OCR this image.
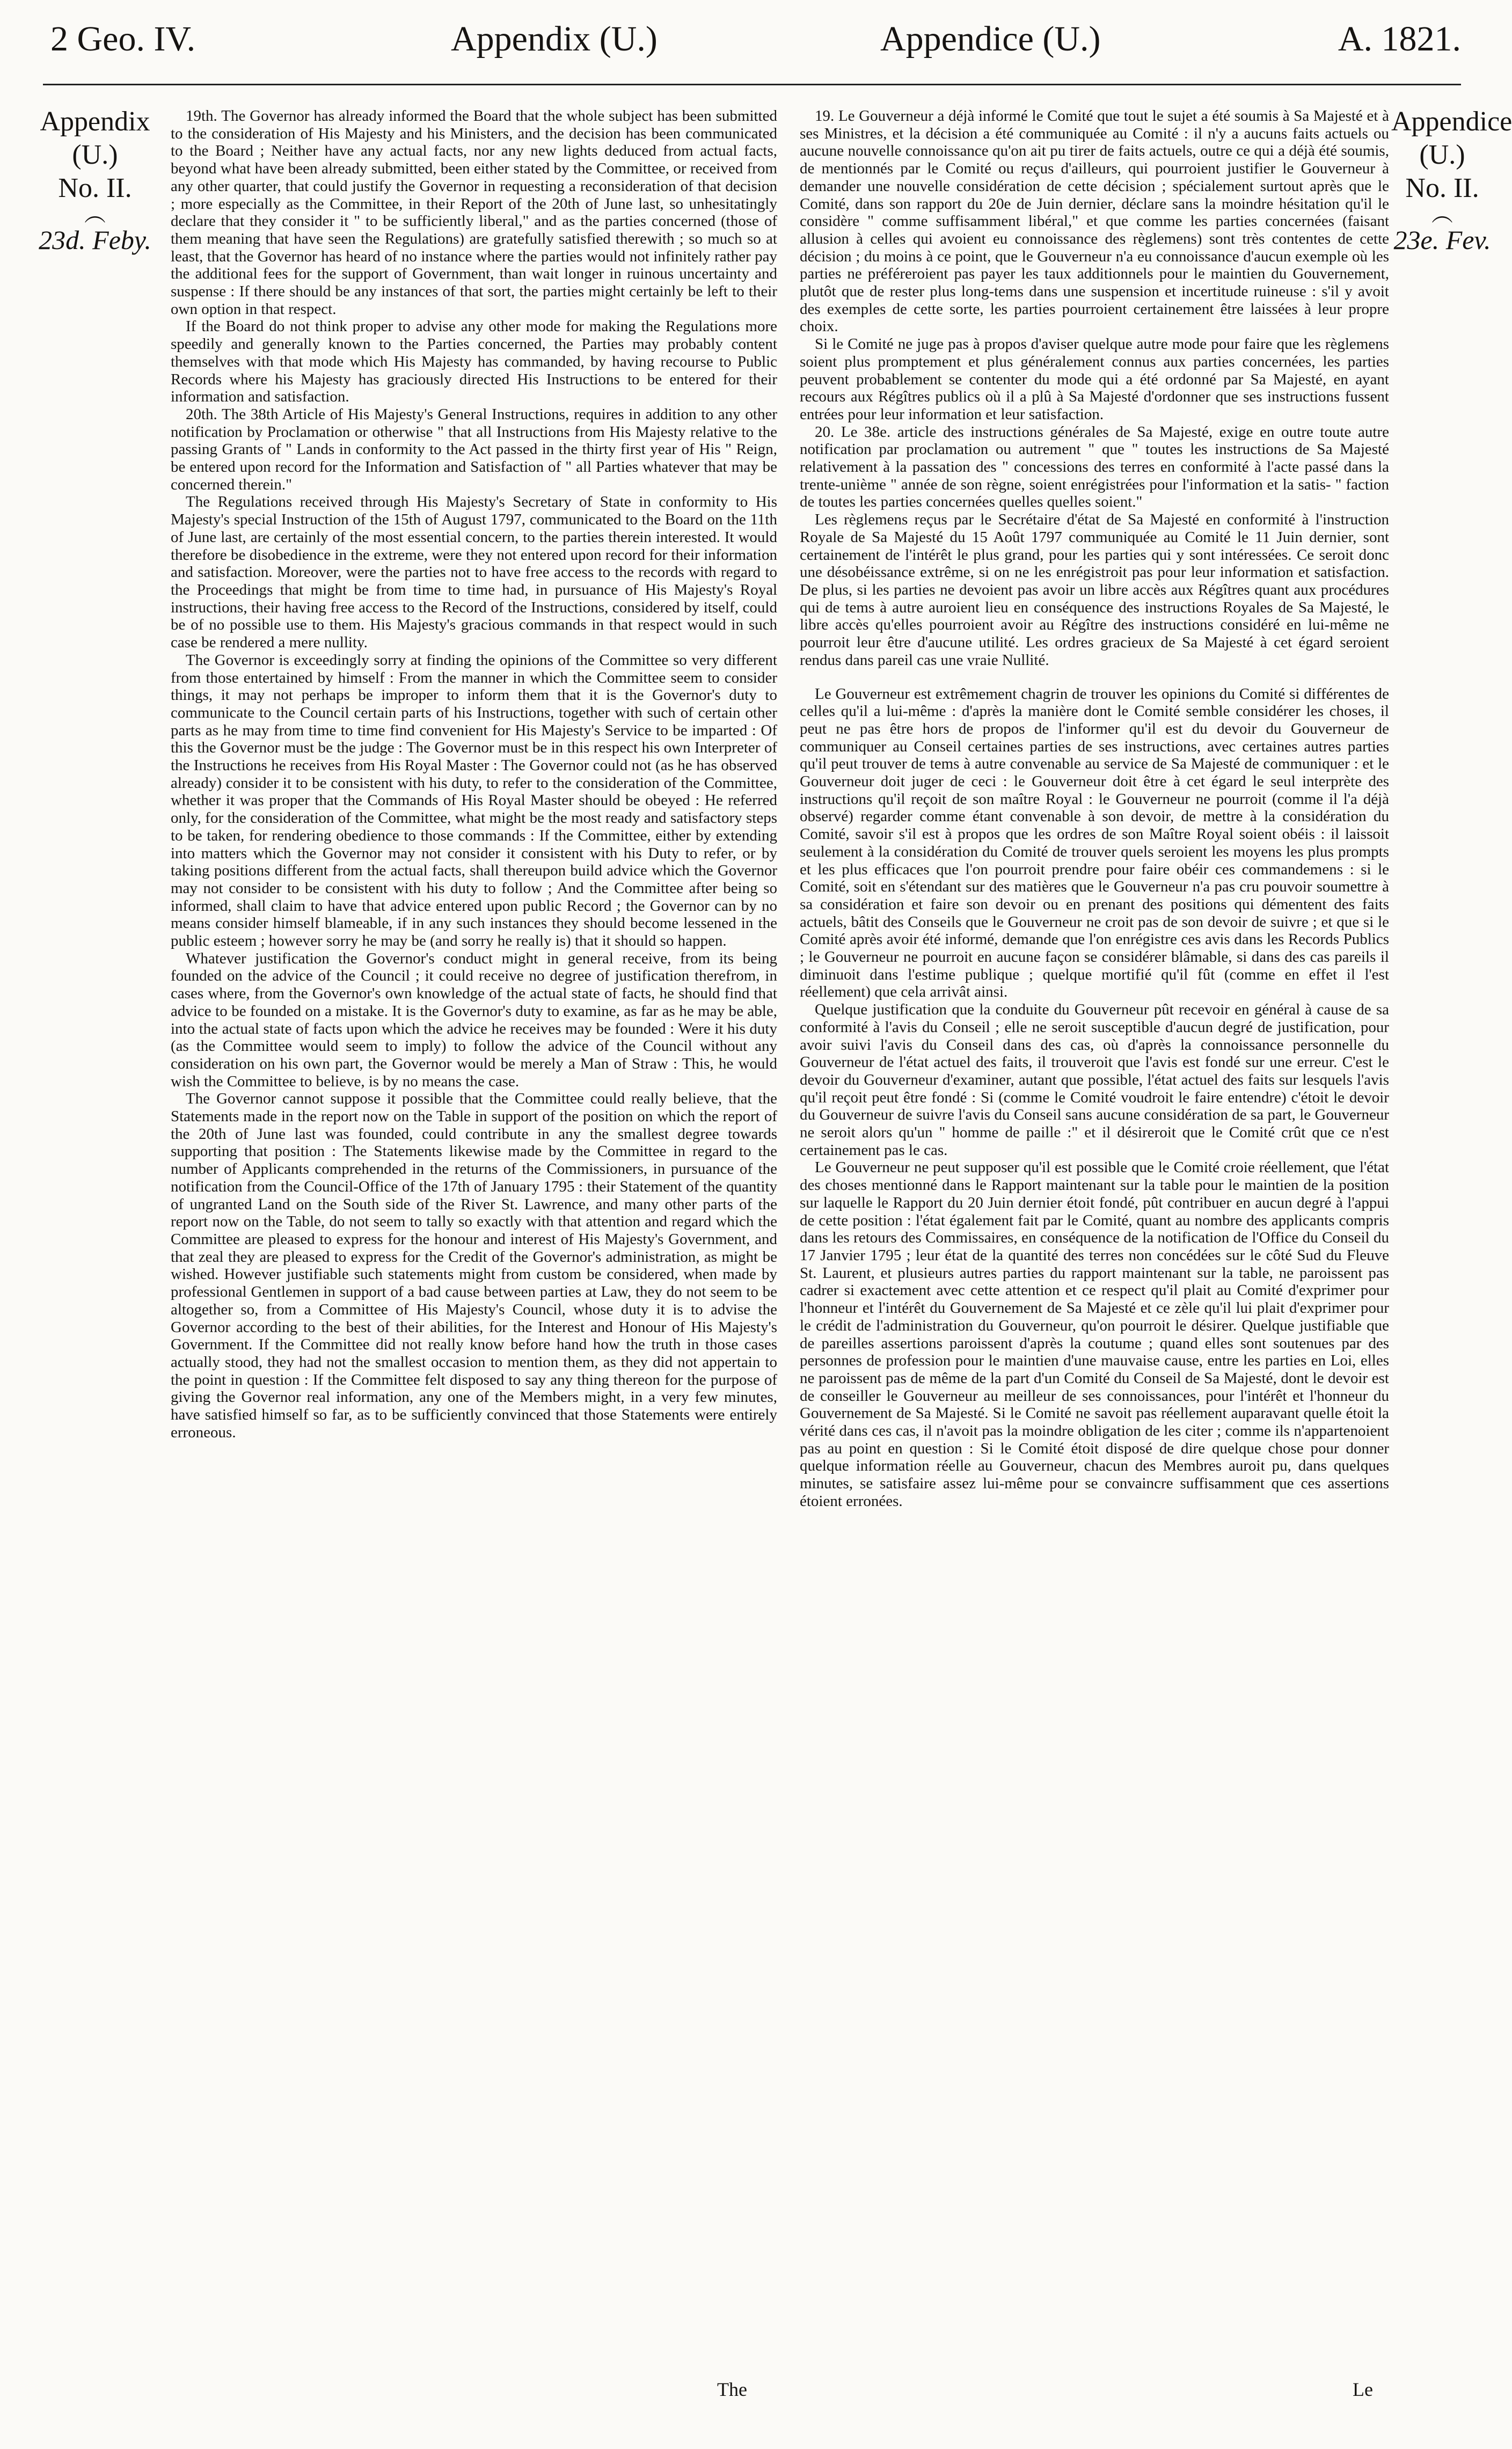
2 Geo. IV.	Appendix (U.)	Appendice (U.)	A. 1821.
Appendix
(U.)
No. II.
︵
23d. Feby.
Appendice
(U.)
No. II.
︵
23e. Fev.

19th. The Governor has already informed the Board that the whole subject has been submitted to the consideration of His Majesty and his Ministers, and the decision has been communicated to the Board ; Neither have any actual facts, nor any new lights deduced from actual facts, beyond what have been already submitted, been either stated by the Committee, or received from any other quarter, that could justify the Governor in requesting a reconsideration of that decision ; more especially as the Committee, in their Report of the 20th of June last, so unhesitatingly declare that they consider it " to be sufficiently liberal," and as the parties concerned (those of them meaning that have seen the Regulations) are gratefully satisfied therewith ; so much so at least, that the Governor has heard of no instance where the parties would not infinitely rather pay the additional fees for the support of Government, than wait longer in ruinous uncertainty and suspense : If there should be any instances of that sort, the parties might certainly be left to their own option in that respect.

If the Board do not think proper to advise any other mode for making the Regulations more speedily and generally known to the Parties concerned, the Parties may probably content themselves with that mode which His Majesty has commanded, by having recourse to Public Records where his Majesty has graciously directed His Instructions to be entered for their information and satisfaction.

20th. The 38th Article of His Majesty's General Instructions, requires in addition to any other notification by Proclamation or otherwise " that all Instructions from His Majesty relative to the passing Grants of " Lands in conformity to the Act passed in the thirty first year of His " Reign, be entered upon record for the Information and Satisfaction of " all Parties whatever that may be concerned therein."

The Regulations received through His Majesty's Secretary of State in conformity to His Majesty's special Instruction of the 15th of August 1797, communicated to the Board on the 11th of June last, are certainly of the most essential concern, to the parties therein interested. It would therefore be disobedience in the extreme, were they not entered upon record for their information and satisfaction. Moreover, were the parties not to have free access to the records with regard to the Proceedings that might be from time to time had, in pursuance of His Majesty's Royal instructions, their having free access to the Record of the Instructions, considered by itself, could be of no possible use to them. His Majesty's gracious commands in that respect would in such case be rendered a mere nullity.

The Governor is exceedingly sorry at finding the opinions of the Committee so very different from those entertained by himself : From the manner in which the Committee seem to consider things, it may not perhaps be improper to inform them that it is the Governor's duty to communicate to the Council certain parts of his Instructions, together with such of certain other parts as he may from time to time find convenient for His Majesty's Service to be imparted : Of this the Governor must be the judge : The Governor must be in this respect his own Interpreter of the Instructions he receives from His Royal Master : The Governor could not (as he has observed already) consider it to be consistent with his duty, to refer to the consideration of the Committee, whether it was proper that the Commands of His Royal Master should be obeyed : He referred only, for the consideration of the Committee, what might be the most ready and satisfactory steps to be taken, for rendering obedience to those commands : If the Committee, either by extending into matters which the Governor may not consider it consistent with his Duty to refer, or by taking positions different from the actual facts, shall thereupon build advice which the Governor may not consider to be consistent with his duty to follow ; And the Committee after being so informed, shall claim to have that advice entered upon public Record ; the Governor can by no means consider himself blameable, if in any such instances they should become lessened in the public esteem ; however sorry he may be (and sorry he really is) that it should so happen.

Whatever justification the Governor's conduct might in general receive, from its being founded on the advice of the Council ; it could receive no degree of justification therefrom, in cases where, from the Governor's own knowledge of the actual state of facts, he should find that advice to be founded on a mistake. It is the Governor's duty to examine, as far as he may be able, into the actual state of facts upon which the advice he receives may be founded : Were it his duty (as the Committee would seem to imply) to follow the advice of the Council without any consideration on his own part, the Governor would be merely a Man of Straw : This, he would wish the Committee to believe, is by no means the case.

The Governor cannot suppose it possible that the Committee could really believe, that the Statements made in the report now on the Table in support of the position on which the report of the 20th of June last was founded, could contribute in any the smallest degree towards supporting that position : The Statements likewise made by the Committee in regard to the number of Applicants comprehended in the returns of the Commissioners, in pursuance of the notification from the Council-Office of the 17th of January 1795 : their Statement of the quantity of ungranted Land on the South side of the River St. Lawrence, and many other parts of the report now on the Table, do not seem to tally so exactly with that attention and regard which the Committee are pleased to express for the honour and interest of His Majesty's Government, and that zeal they are pleased to express for the Credit of the Governor's administration, as might be wished. However justifiable such statements might from custom be considered, when made by professional Gentlemen in support of a bad cause between parties at Law, they do not seem to be altogether so, from a Committee of His Majesty's Council, whose duty it is to advise the Governor according to the best of their abilities, for the Interest and Honour of His Majesty's Government. If the Committee did not really know before hand how the truth in those cases actually stood, they had not the smallest occasion to mention them, as they did not appertain to the point in question : If the Committee felt disposed to say any thing thereon for the purpose of giving the Governor real information, any one of the Members might, in a very few minutes, have satisfied himself so far, as to be sufficiently convinced that those Statements were entirely erroneous.

19. Le Gouverneur a déjà informé le Comité que tout le sujet a été soumis à Sa Majesté et à ses Ministres, et la décision a été communiquée au Comité : il n'y a aucuns faits actuels ou aucune nouvelle connoissance qu'on ait pu tirer de faits actuels, outre ce qui a déjà été soumis, de mentionnés par le Comité ou reçus d'ailleurs, qui pourroient justifier le Gouverneur à demander une nouvelle considération de cette décision ; spécialement surtout après que le Comité, dans son rapport du 20e de Juin dernier, déclare sans la moindre hésitation qu'il le considère " comme suffisamment libéral," et que comme les parties concernées (faisant allusion à celles qui avoient eu connoissance des règlemens) sont très contentes de cette décision ; du moins à ce point, que le Gouverneur n'a eu connoissance d'aucun exemple où les parties ne préféreroient pas payer les taux additionnels pour le maintien du Gouvernement, plutôt que de rester plus long-tems dans une suspension et incertitude ruineuse : s'il y avoit des exemples de cette sorte, les parties pourroient certainement être laissées à leur propre choix.

Si le Comité ne juge pas à propos d'aviser quelque autre mode pour faire que les règlemens soient plus promptement et plus généralement connus aux parties concernées, les parties peuvent probablement se contenter du mode qui a été ordonné par Sa Majesté, en ayant recours aux Régîtres publics où il a plû à Sa Majesté d'ordonner que ses instructions fussent entrées pour leur information et leur satisfaction.

20. Le 38e. article des instructions générales de Sa Majesté, exige en outre toute autre notification par proclamation ou autrement " que " toutes les instructions de Sa Majesté relativement à la passation des " concessions des terres en conformité à l'acte passé dans la trente-unième " année de son règne, soient enrégistrées pour l'information et la satis- " faction de toutes les parties concernées quelles quelles soient."

Les règlemens reçus par le Secrétaire d'état de Sa Majesté en conformité à l'instruction Royale de Sa Majesté du 15 Août 1797 communiquée au Comité le 11 Juin dernier, sont certainement de l'intérêt le plus grand, pour les parties qui y sont intéressées. Ce seroit donc une désobéissance extrême, si on ne les enrégistroit pas pour leur information et satisfaction. De plus, si les parties ne devoient pas avoir un libre accès aux Régîtres quant aux procédures qui de tems à autre auroient lieu en conséquence des instructions Royales de Sa Majesté, le libre accès qu'elles pourroient avoir au Régître des instructions considéré en lui-même ne pourroit leur être d'aucune utilité. Les ordres gracieux de Sa Majesté à cet égard seroient rendus dans pareil cas une vraie Nullité.

Le Gouverneur est extrêmement chagrin de trouver les opinions du Comité si différentes de celles qu'il a lui-même : d'après la manière dont le Comité semble considérer les choses, il peut ne pas être hors de propos de l'informer qu'il est du devoir du Gouverneur de communiquer au Conseil certaines parties de ses instructions, avec certaines autres parties qu'il peut trouver de tems à autre convenable au service de Sa Majesté de communiquer : et le Gouverneur doit juger de ceci : le Gouverneur doit être à cet égard le seul interprète des instructions qu'il reçoit de son maître Royal : le Gouverneur ne pourroit (comme il l'a déjà observé) regarder comme étant convenable à son devoir, de mettre à la considération du Comité, savoir s'il est à propos que les ordres de son Maître Royal soient obéis : il laissoit seulement à la considération du Comité de trouver quels seroient les moyens les plus prompts et les plus efficaces que l'on pourroit prendre pour faire obéir ces commandemens : si le Comité, soit en s'étendant sur des matières que le Gouverneur n'a pas cru pouvoir soumettre à sa considération et faire son devoir ou en prenant des positions qui démentent des faits actuels, bâtit des Conseils que le Gouverneur ne croit pas de son devoir de suivre ; et que si le Comité après avoir été informé, demande que l'on enrégistre ces avis dans les Records Publics ; le Gouverneur ne pourroit en aucune façon se considérer blâmable, si dans des cas pareils il diminuoit dans l'estime publique ; quelque mortifié qu'il fût (comme en effet il l'est réellement) que cela arrivât ainsi.

Quelque justification que la conduite du Gouverneur pût recevoir en général à cause de sa conformité à l'avis du Conseil ; elle ne seroit susceptible d'aucun degré de justification, pour avoir suivi l'avis du Conseil dans des cas, où d'après la connoissance personnelle du Gouverneur de l'état actuel des faits, il trouveroit que l'avis est fondé sur une erreur. C'est le devoir du Gouverneur d'examiner, autant que possible, l'état actuel des faits sur lesquels l'avis qu'il reçoit peut être fondé : Si (comme le Comité voudroit le faire entendre) c'étoit le devoir du Gouverneur de suivre l'avis du Conseil sans aucune considération de sa part, le Gouverneur ne seroit alors qu'un " homme de paille :" et il désireroit que le Comité crût que ce n'est certainement pas le cas.

Le Gouverneur ne peut supposer qu'il est possible que le Comité croie réellement, que l'état des choses mentionné dans le Rapport maintenant sur la table pour le maintien de la position sur laquelle le Rapport du 20 Juin dernier étoit fondé, pût contribuer en aucun degré à l'appui de cette position : l'état également fait par le Comité, quant au nombre des applicants compris dans les retours des Commissaires, en conséquence de la notification de l'Office du Conseil du 17 Janvier 1795 ; leur état de la quantité des terres non concédées sur le côté Sud du Fleuve St. Laurent, et plusieurs autres parties du rapport maintenant sur la table, ne paroissent pas cadrer si exactement avec cette attention et ce respect qu'il plait au Comité d'exprimer pour l'honneur et l'intérêt du Gouvernement de Sa Majesté et ce zèle qu'il lui plait d'exprimer pour le crédit de l'administration du Gouverneur, qu'on pourroit le désirer. Quelque justifiable que de pareilles assertions paroissent d'après la coutume ; quand elles sont soutenues par des personnes de profession pour le maintien d'une mauvaise cause, entre les parties en Loi, elles ne paroissent pas de même de la part d'un Comité du Conseil de Sa Majesté, dont le devoir est de conseiller le Gouverneur au meilleur de ses connoissances, pour l'intérêt et l'honneur du Gouvernement de Sa Majesté. Si le Comité ne savoit pas réellement auparavant quelle étoit la vérité dans ces cas, il n'avoit pas la moindre obligation de les citer ; comme ils n'appartenoient pas au point en question : Si le Comité étoit disposé de dire quelque chose pour donner quelque information réelle au Gouverneur, chacun des Membres auroit pu, dans quelques minutes, se satisfaire assez lui-même pour se convaincre suffisamment que ces assertions étoient erronées.

The	Le
